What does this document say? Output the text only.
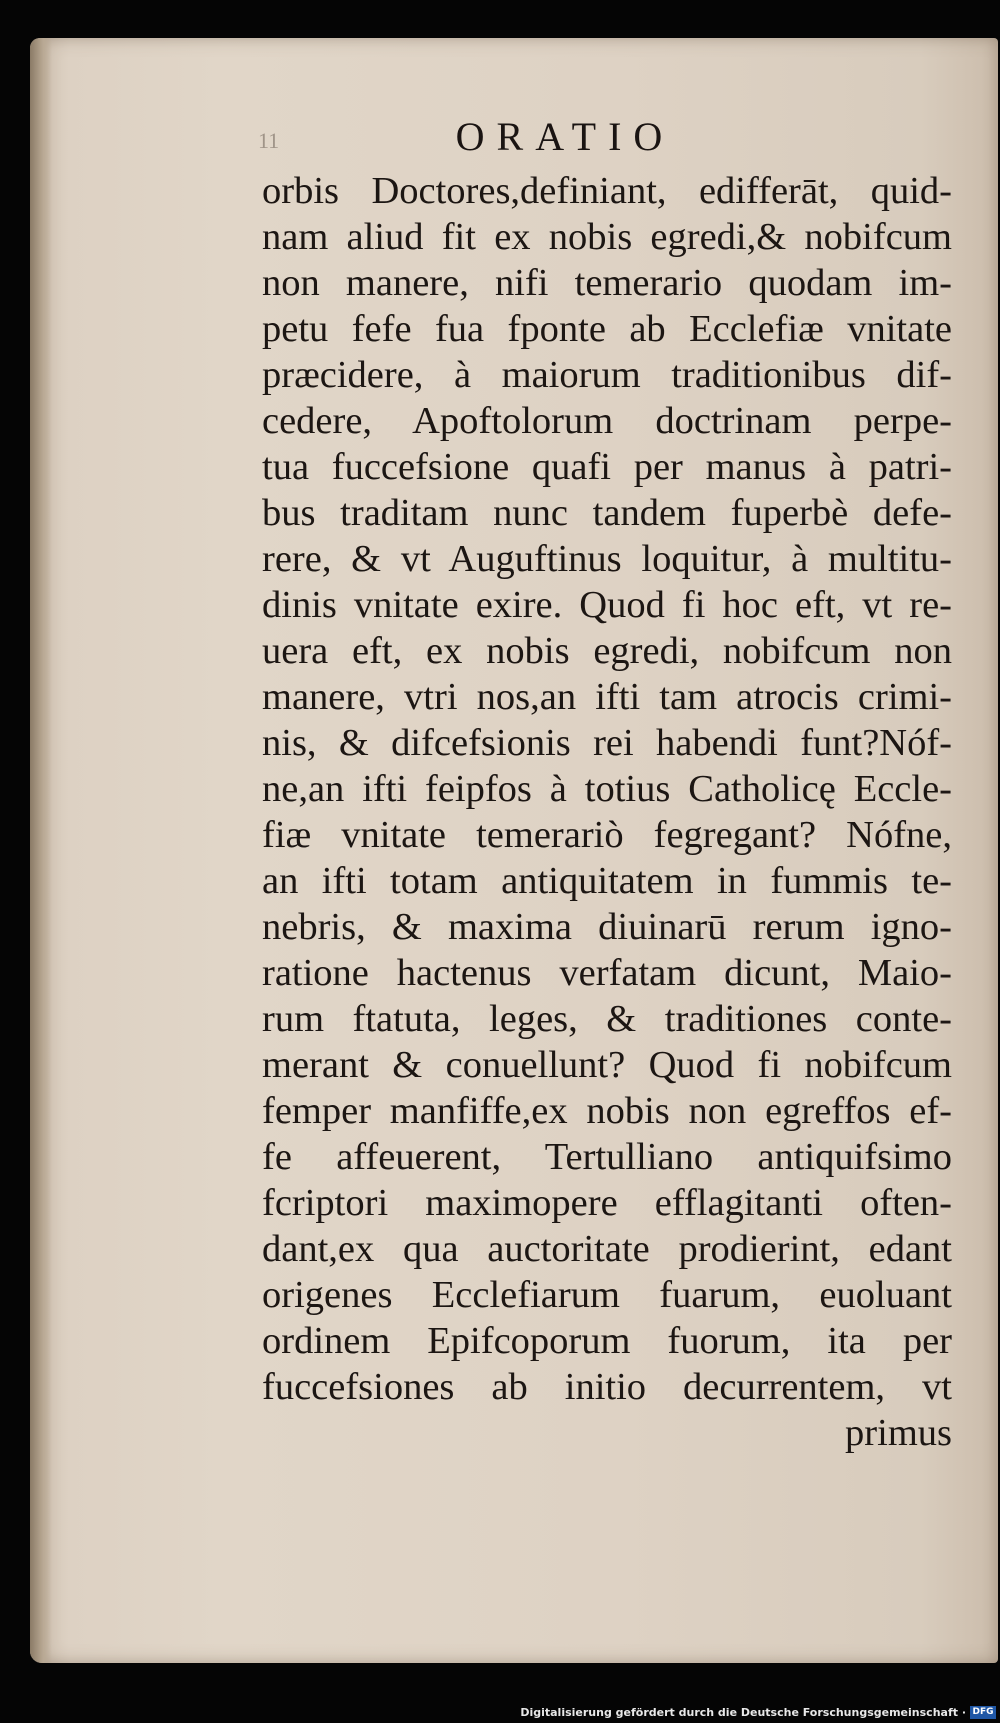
11	ORATIO
orbis Doctores,definiant, edifferāt, quid-
nam aliud fit ex nobis egredi,& nobifcum
non manere, nifi temerario quodam im-
petu fefe fua fponte ab Ecclefiæ vnitate
præcidere, à maiorum traditionibus dif-
cedere, Apoftolorum doctrinam perpe-
tua fuccefsione quafi per manus à patri-
bus traditam nunc tandem fuperbè defe-
rere, & vt Auguftinus loquitur, à multitu-
dinis vnitate exire. Quod fi hoc eft, vt re-
uera eft, ex nobis egredi, nobifcum non
manere, vtri nos,an ifti tam atrocis crimi-
nis, & difcefsionis rei habendi funt?Nóf-
ne,an ifti feipfos à totius Catholicę Eccle-
fiæ vnitate temerariò fegregant? Nófne,
an ifti totam antiquitatem in fummis te-
nebris, & maxima diuinarū rerum igno-
ratione hactenus verfatam dicunt, Maio-
rum ftatuta, leges, & traditiones conte-
merant & conuellunt? Quod fi nobifcum
femper manfiffe,ex nobis non egreffos ef-
fe affeuerent, Tertulliano antiquifsimo
fcriptori maximopere efflagitanti often-
dant,ex qua auctoritate prodierint, edant
origenes Ecclefiarum fuarum, euoluant
ordinem Epifcoporum fuorum, ita per
fuccefsiones ab initio decurrentem, vt
primus
Digitalisierung gefördert durch die Deutsche Forschungsgemeinschaft · DFG
